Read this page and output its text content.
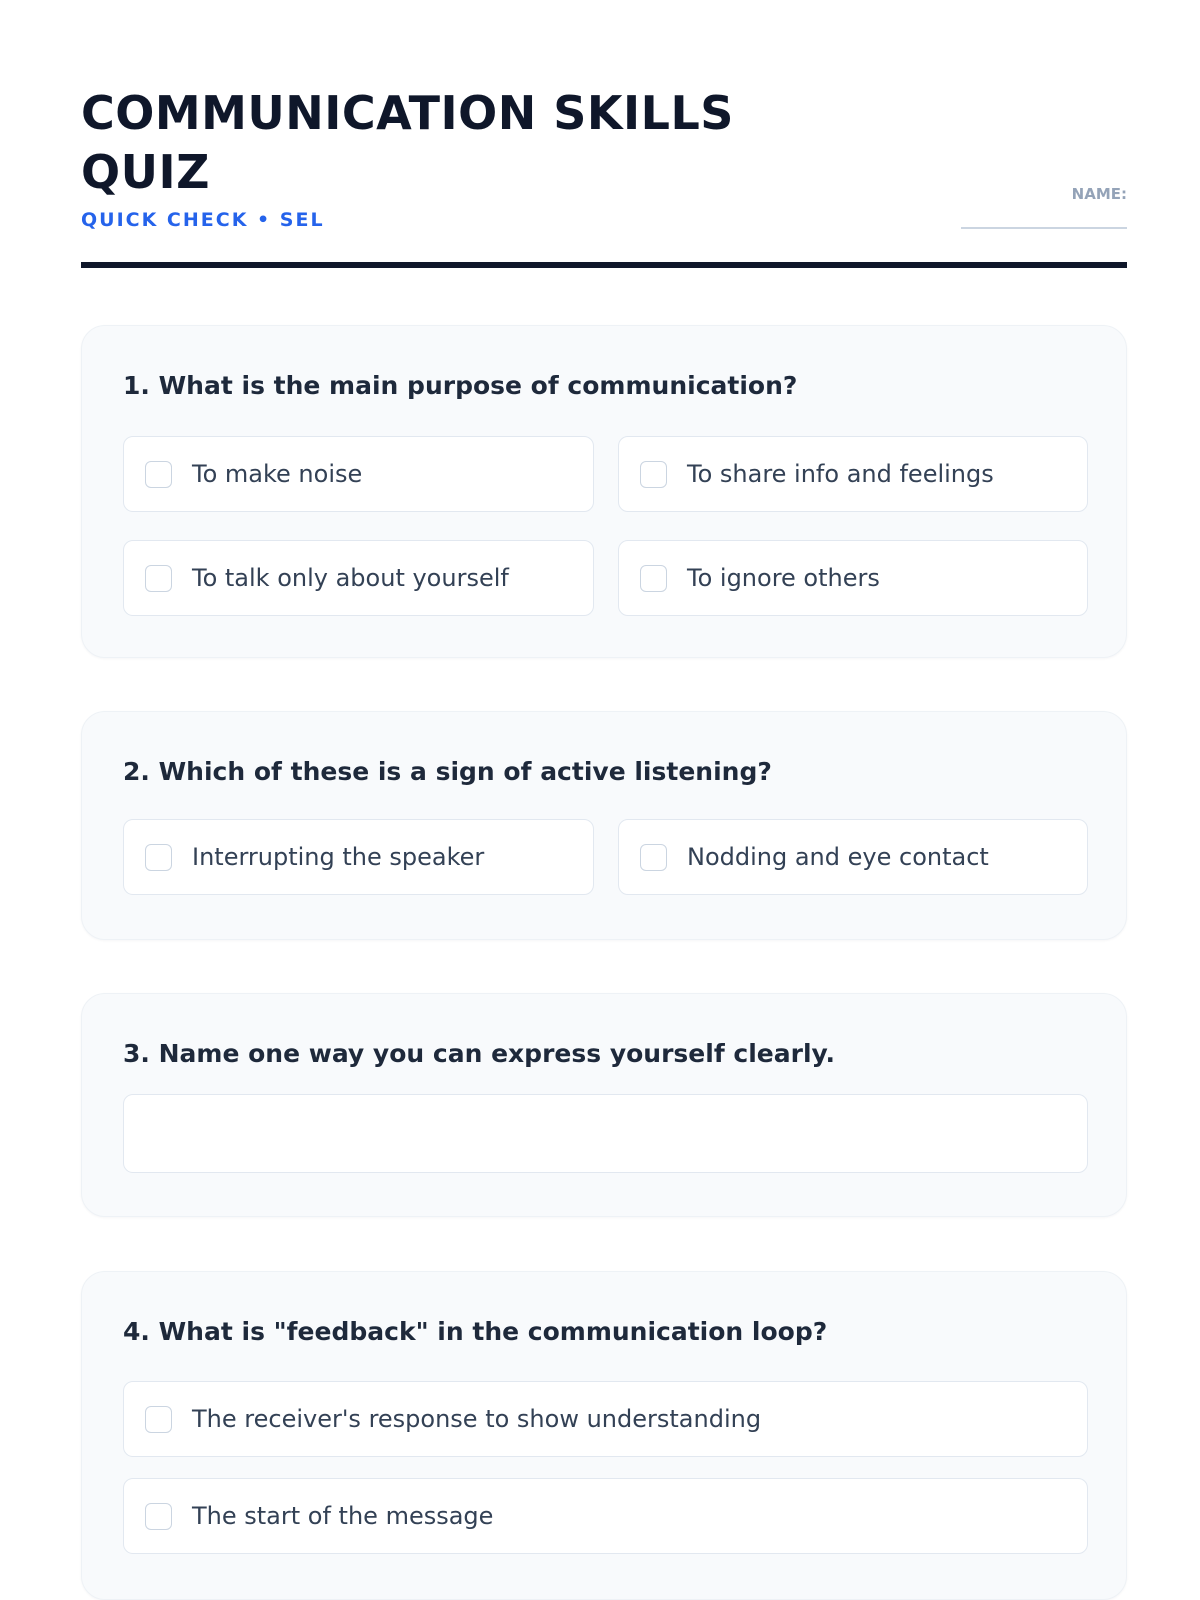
COMMUNICATION SKILLS QUIZ
QUICK CHECK • SEL
NAME:
1. What is the main purpose of communication?
To make noise	To share info and feelings
To talk only about yourself	To ignore others
2. Which of these is a sign of active listening?
Interrupting the speaker	Nodding and eye contact
3. Name one way you can express yourself clearly.
4. What is "feedback" in the communication loop?
The receiver's response to show understanding
The start of the message
